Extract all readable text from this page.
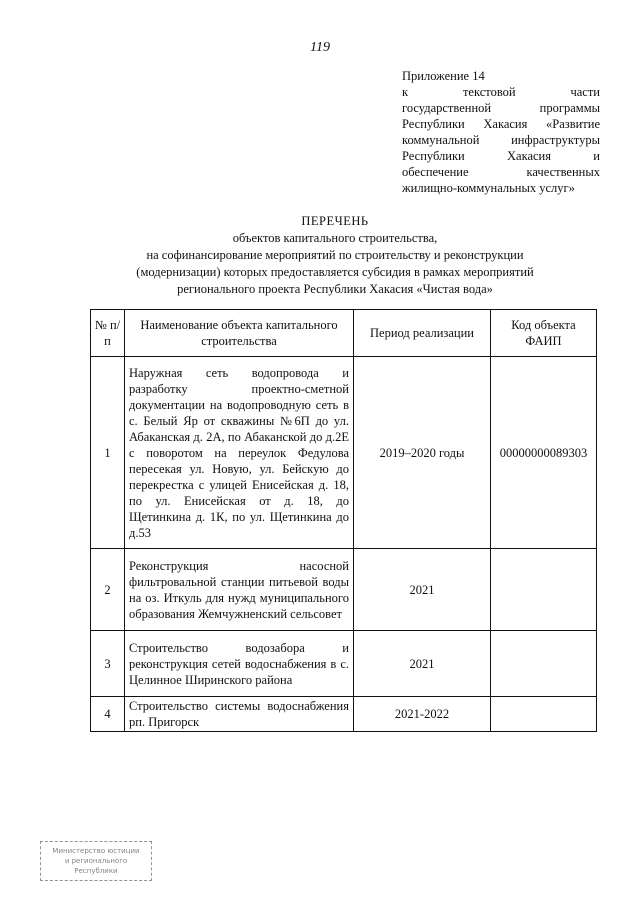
119
Приложение 14
к текстовой части
государственной программы
Республики Хакасия «Развитие
коммунальной инфраструктуры
Республики Хакасия и
обеспечение качественных
жилищно-коммунальных услуг»
ПЕРЕЧЕНЬ
объектов капитального строительства,
на софинансирование мероприятий по строительству и реконструкции
(модернизации) которых предоставляется субсидия в рамках мероприятий
регионального проекта Республики Хакасия «Чистая вода»
№ п/п	Наименование объекта капитального строительства	Период реализации	Код объекта ФАИП
1	Наружная сеть водопровода и разработку проектно-сметной документации на водопроводную сеть в с. Белый Яр от скважины №6П до ул. Абаканская д. 2А, по Абаканской до д.2Е с поворотом на переулок Федулова пересекая ул. Новую, ул. Бейскую до перекрестка с улицей Енисейская д. 18, по ул. Енисейская от д. 18, до Щетинкина д. 1К, по ул. Щетинкина до д.53	2019–2020 годы	00000000089303
2	Реконструкция насосной фильтровальной станции питьевой воды на оз. Иткуль для нужд муниципального образования Жемчужненский сельсовет	2021	
3	Строительство водозабора и реконструкция сетей водоснабжения в с. Целинное Ширинского района	2021	
4	Строительство системы водоснабжения рп. Пригорск	2021-2022	
Министерство юстиции
и регионального
Республики
